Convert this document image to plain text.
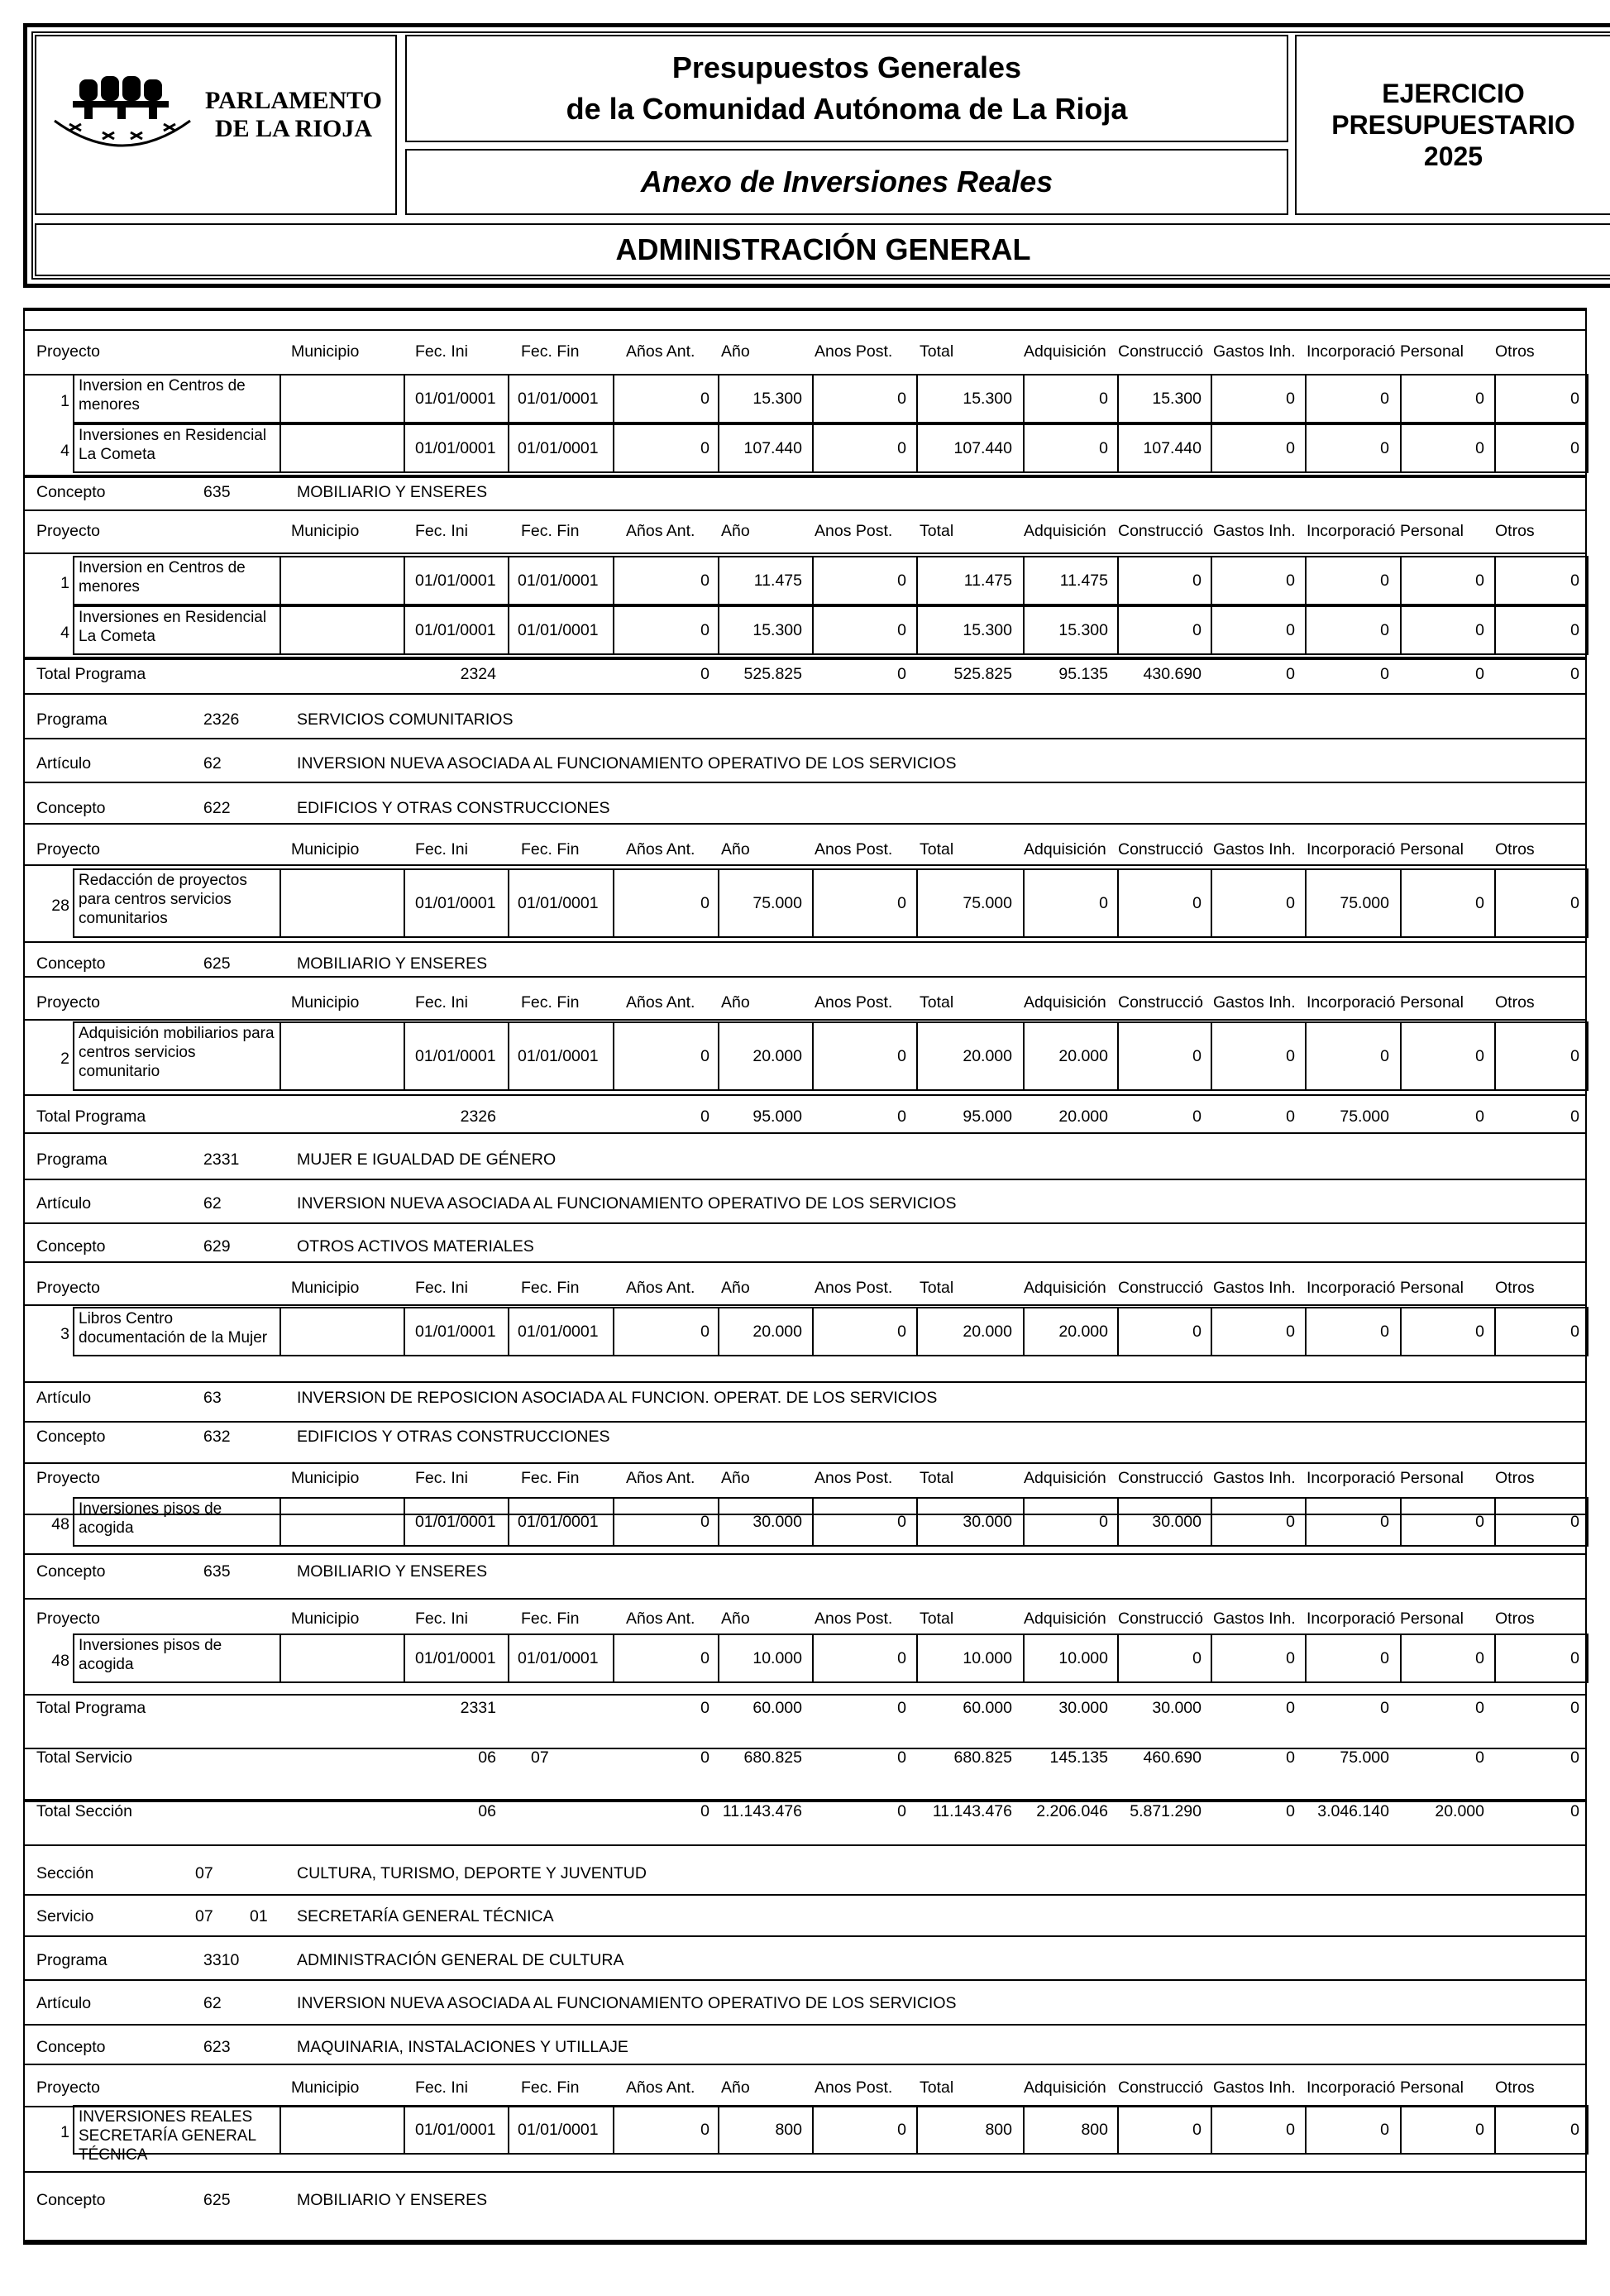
PARLAMENTO
DE LA RIOJA
Presupuestos Generales
de la Comunidad Autónoma de La Rioja
Anexo de Inversiones Reales
EJERCICIO
PRESUPUESTARIO
2025
ADMINISTRACIÓN GENERAL
Proyecto	Municipio	Fec. Ini	Fec. Fin	Años Ant. Año	Anos Post. Total	Adquisición Construcció Gastos Inh. Incorporació Personal Otros
1
Inversion en Centros de menores	01/01/0001 01/01/0001	0	15.300	0	15.300	0	15.300	0	0	0	0
4
Inversiones en Residencial La Cometa	01/01/0001 01/01/0001	0	107.440	0	107.440	0	107.440	0	0	0	0
Concepto	635	MOBILIARIO Y ENSERES
Proyecto	Municipio	Fec. Ini	Fec. Fin	Años Ant. Año	Anos Post. Total	Adquisición Construcció Gastos Inh. Incorporació Personal Otros
1
Inversion en Centros de menores	01/01/0001 01/01/0001	0	11.475	0	11.475	11.475	0	0	0	0	0
4
Inversiones en Residencial La Cometa	01/01/0001 01/01/0001	0	15.300	0	15.300	15.300	0	0	0	0	0
Total Programa	2324	0	525.825	0	525.825	95.135	430.690	0	0	0	0
Programa	2326	SERVICIOS COMUNITARIOS
Artículo	62	INVERSION NUEVA ASOCIADA AL FUNCIONAMIENTO OPERATIVO DE LOS SERVICIOS
Concepto	622	EDIFICIOS Y OTRAS CONSTRUCCIONES
Proyecto	Municipio	Fec. Ini	Fec. Fin	Años Ant. Año	Anos Post. Total	Adquisición Construcció Gastos Inh. Incorporació Personal Otros
28
Redacción de proyectos para centros servicios comunitarios
01/01/0001 01/01/0001	0	75.000	0	75.000	0	0	0	75.000	0	0
Concepto	625	MOBILIARIO Y ENSERES
Proyecto	Municipio	Fec. Ini	Fec. Fin	Años Ant. Año	Anos Post. Total	Adquisición Construcció Gastos Inh. Incorporació Personal Otros
2
Adquisición mobiliarios para centros servicios comunitario
01/01/0001 01/01/0001	0	20.000	0	20.000	20.000	0	0	0	0	0
Total Programa	2326	0	95.000	0	95.000	20.000	0	0	75.000	0	0
Programa	2331	MUJER E IGUALDAD DE GÉNERO
Artículo	62	INVERSION NUEVA ASOCIADA AL FUNCIONAMIENTO OPERATIVO DE LOS SERVICIOS
Concepto	629	OTROS ACTIVOS MATERIALES
Proyecto	Municipio	Fec. Ini	Fec. Fin	Años Ant. Año	Anos Post. Total	Adquisición Construcció Gastos Inh. Incorporació Personal Otros
3
Libros Centro documentación de la Mujer	01/01/0001 01/01/0001	0	20.000	0	20.000	20.000	0	0	0	0	0
Artículo	63	INVERSION DE REPOSICION ASOCIADA AL FUNCION. OPERAT. DE LOS SERVICIOS
Concepto	632	EDIFICIOS Y OTRAS CONSTRUCCIONES
Proyecto	Municipio	Fec. Ini	Fec. Fin	Años Ant. Año	Anos Post. Total	Adquisición Construcció Gastos Inh. Incorporació Personal Otros
48
Inversiones pisos de acogida	01/01/0001 01/01/0001	0	30.000	0	30.000	0	30.000	0	0	0	0
Concepto	635	MOBILIARIO Y ENSERES
Proyecto	Municipio	Fec. Ini	Fec. Fin	Años Ant. Año	Anos Post. Total	Adquisición Construcció Gastos Inh. Incorporació Personal Otros
48
Inversiones pisos de acogida	01/01/0001 01/01/0001	0	10.000	0	10.000	10.000	0	0	0	0	0
Total Programa	2331	0	60.000	0	60.000	30.000	30.000	0	0	0	0
Total Servicio	06 07	0	680.825	0	680.825	145.135	460.690	0	75.000	0	0
Total Sección	06	0 11.143.476	0	11.143.476	2.206.046	5.871.290	0	3.046.140	20.000	0
Sección	07	CULTURA, TURISMO, DEPORTE Y JUVENTUD
Servicio	07 01 SECRETARÍA GENERAL TÉCNICA
Programa	3310	ADMINISTRACIÓN GENERAL DE CULTURA
Artículo	62	INVERSION NUEVA ASOCIADA AL FUNCIONAMIENTO OPERATIVO DE LOS SERVICIOS
Concepto	623	MAQUINARIA, INSTALACIONES Y UTILLAJE
Proyecto	Municipio	Fec. Ini	Fec. Fin	Años Ant. Año	Anos Post. Total	Adquisición Construcció Gastos Inh. Incorporació Personal Otros
1
INVERSIONES REALES SECRETARÍA GENERAL TÉCNICA
01/01/0001 01/01/0001	0	800	0	800	800	0	0	0	0	0
Concepto	625	MOBILIARIO Y ENSERES
